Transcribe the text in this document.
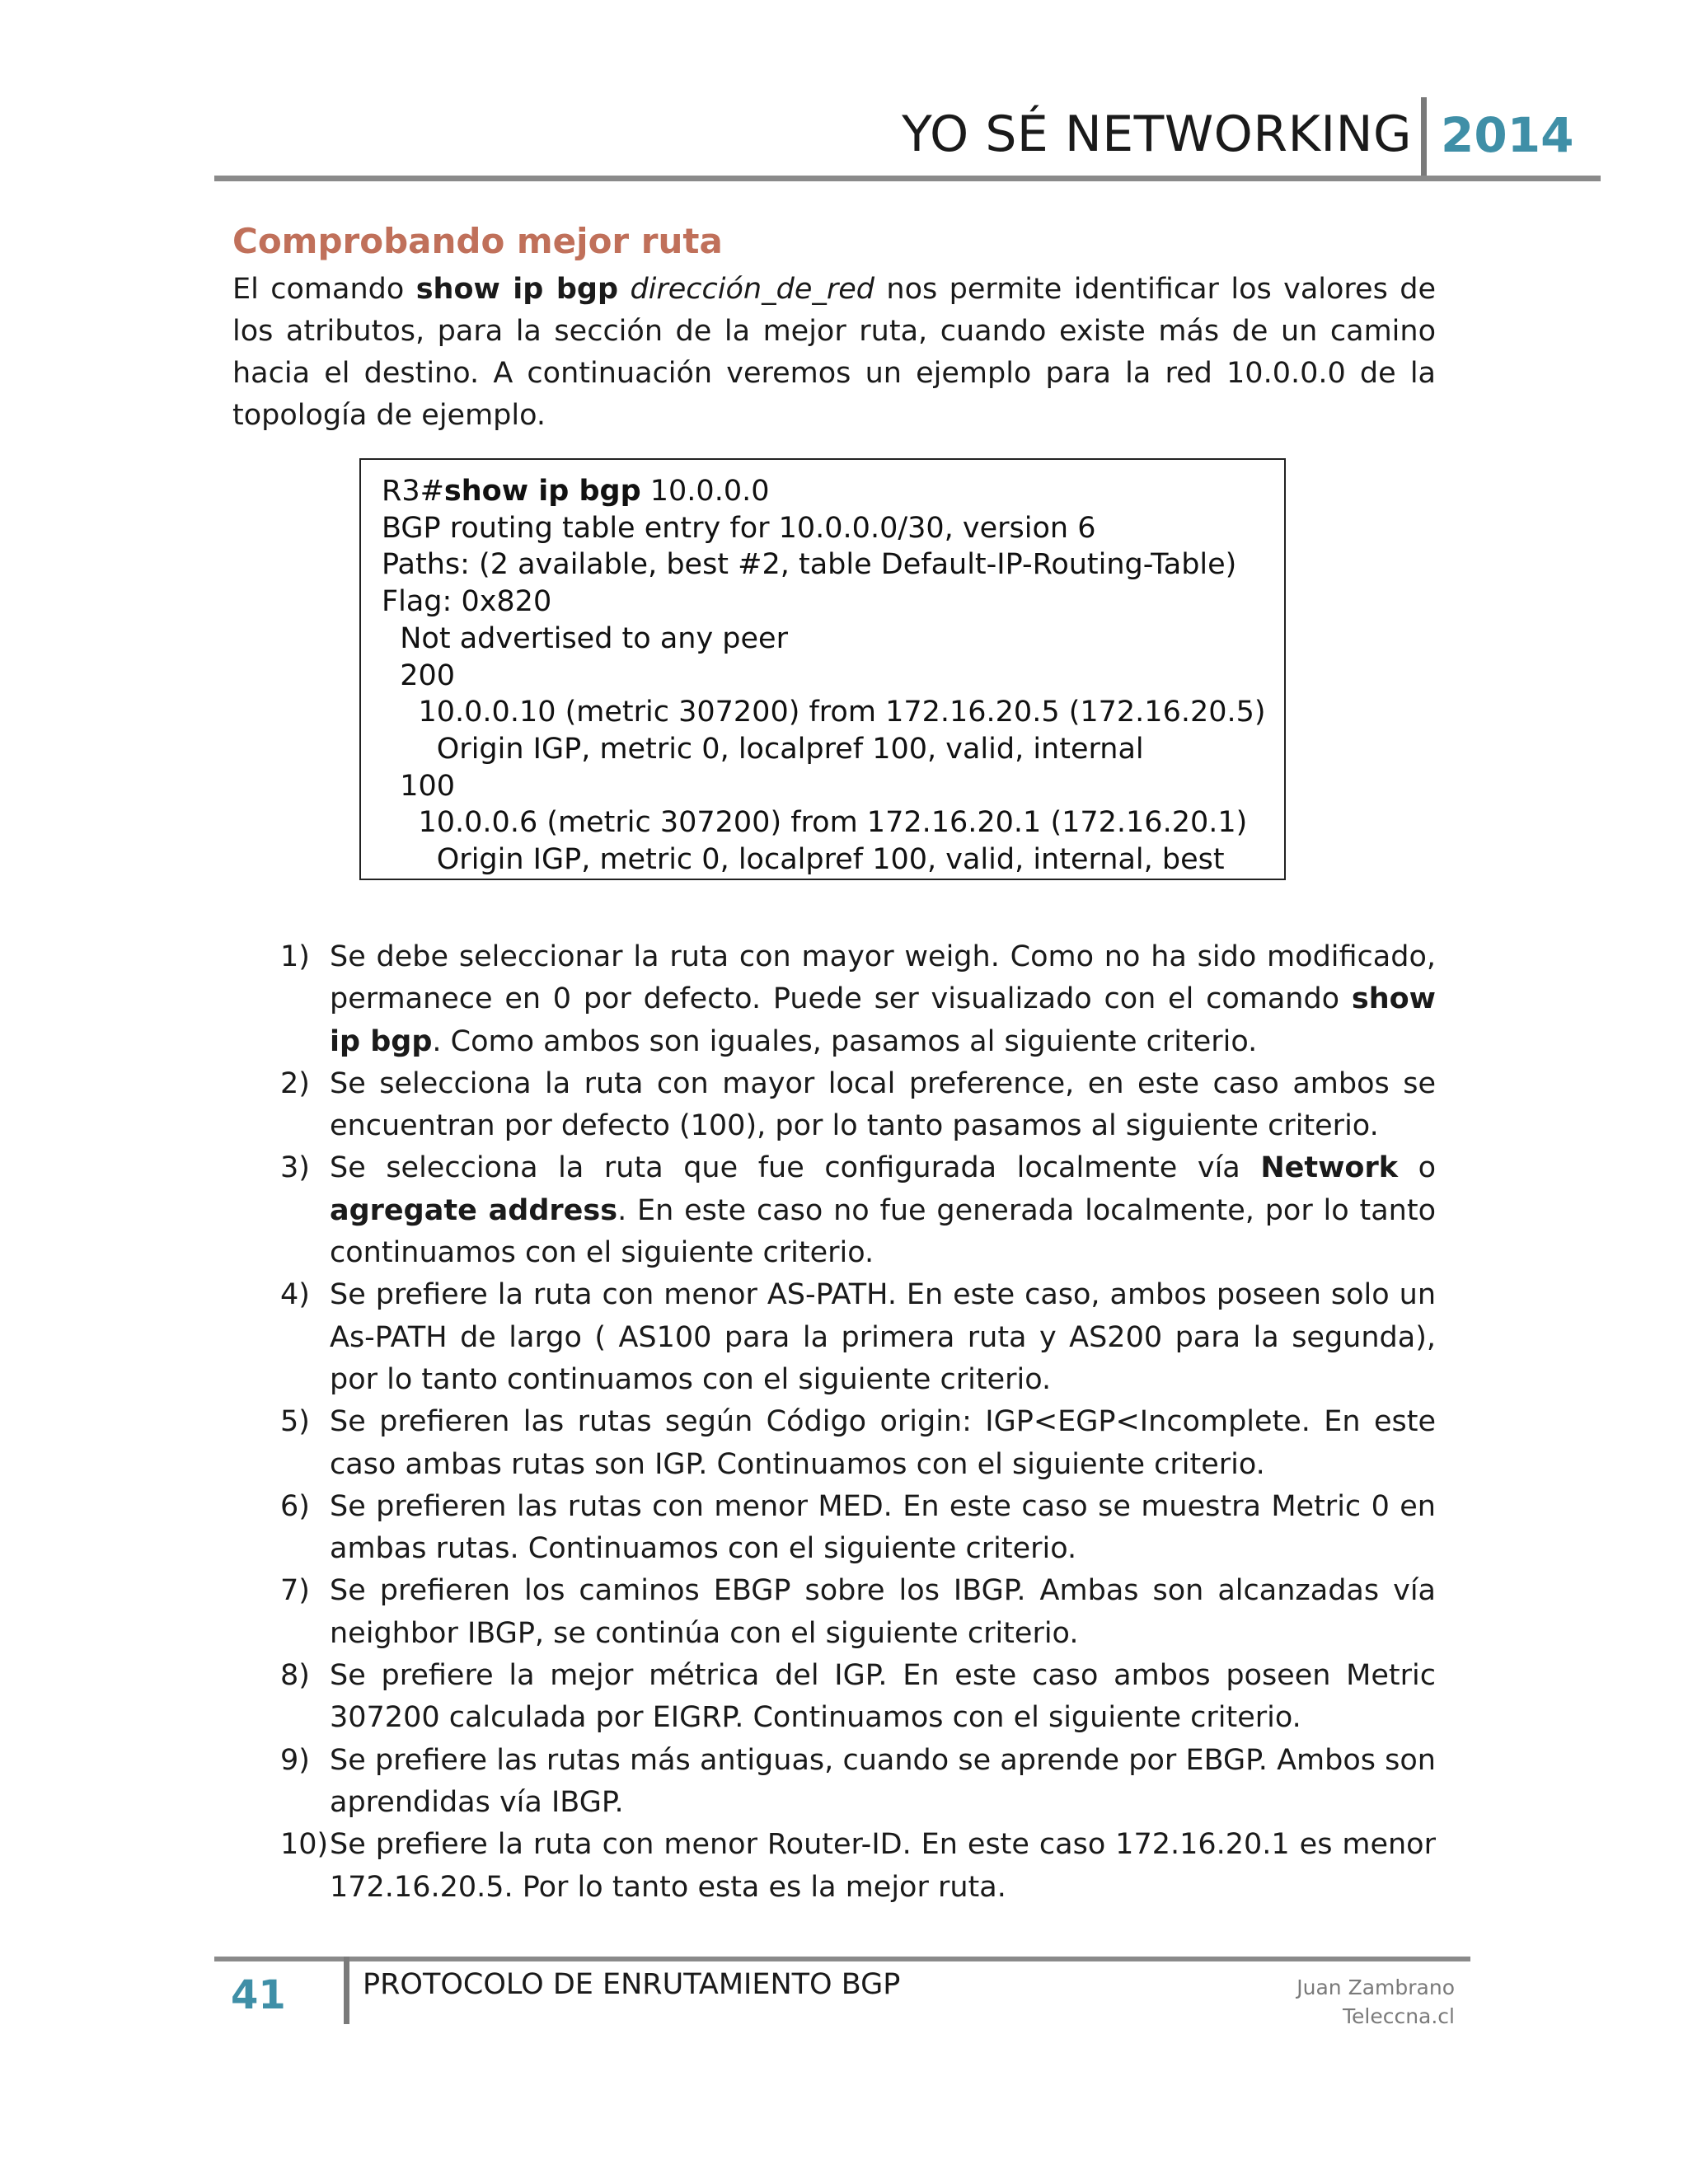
YO SÉ NETWORKING 2014
Comprobando mejor ruta

El comando show ip bgp dirección_de_red nos permite identificar los valores de los atributos, para la sección de la mejor ruta, cuando existe más de un camino hacia el destino. A continuación veremos un ejemplo para la red 10.0.0.0 de la topología de ejemplo.

R3#show ip bgp 10.0.0.0
BGP routing table entry for 10.0.0.0/30, version 6
Paths: (2 available, best #2, table Default-IP-Routing-Table)
Flag: 0x820
Not advertised to any peer
200
10.0.0.10 (metric 307200) from 172.16.20.5 (172.16.20.5)
Origin IGP, metric 0, localpref 100, valid, internal
100
10.0.0.6 (metric 307200) from 172.16.20.1 (172.16.20.1)
Origin IGP, metric 0, localpref 100, valid, internal, best
1) Se debe seleccionar la ruta con mayor weigh. Como no ha sido modificado, permanece en 0 por defecto. Puede ser visualizado con el comando show ip bgp. Como ambos son iguales, pasamos al siguiente criterio.
2) Se selecciona la ruta con mayor local preference, en este caso ambos se encuentran por defecto (100), por lo tanto pasamos al siguiente criterio.
3) Se selecciona la ruta que fue configurada localmente vía Network o agregate address. En este caso no fue generada localmente, por lo tanto continuamos con el siguiente criterio.
4) Se prefiere la ruta con menor AS-PATH. En este caso, ambos poseen solo un As-PATH de largo ( AS100 para la primera ruta y AS200 para la segunda), por lo tanto continuamos con el siguiente criterio.
5) Se prefieren las rutas según Código origin: IGP<EGP<Incomplete. En este caso ambas rutas son IGP. Continuamos con el siguiente criterio.
6) Se prefieren las rutas con menor MED. En este caso se muestra Metric 0 en ambas rutas. Continuamos con el siguiente criterio.
7) Se prefieren los caminos EBGP sobre los IBGP. Ambas son alcanzadas vía neighbor IBGP, se continúa con el siguiente criterio.
8) Se prefiere la mejor métrica del IGP. En este caso ambos poseen Metric 307200 calculada por EIGRP. Continuamos con el siguiente criterio.
9) Se prefiere las rutas más antiguas, cuando se aprende por EBGP. Ambos son aprendidas vía IBGP.
10) Se prefiere la ruta con menor Router-ID. En este caso 172.16.20.1 es menor 172.16.20.5. Por lo tanto esta es la mejor ruta.
41	PROTOCOLO DE ENRUTAMIENTO BGP	Juan Zambrano
Teleccna.cl
